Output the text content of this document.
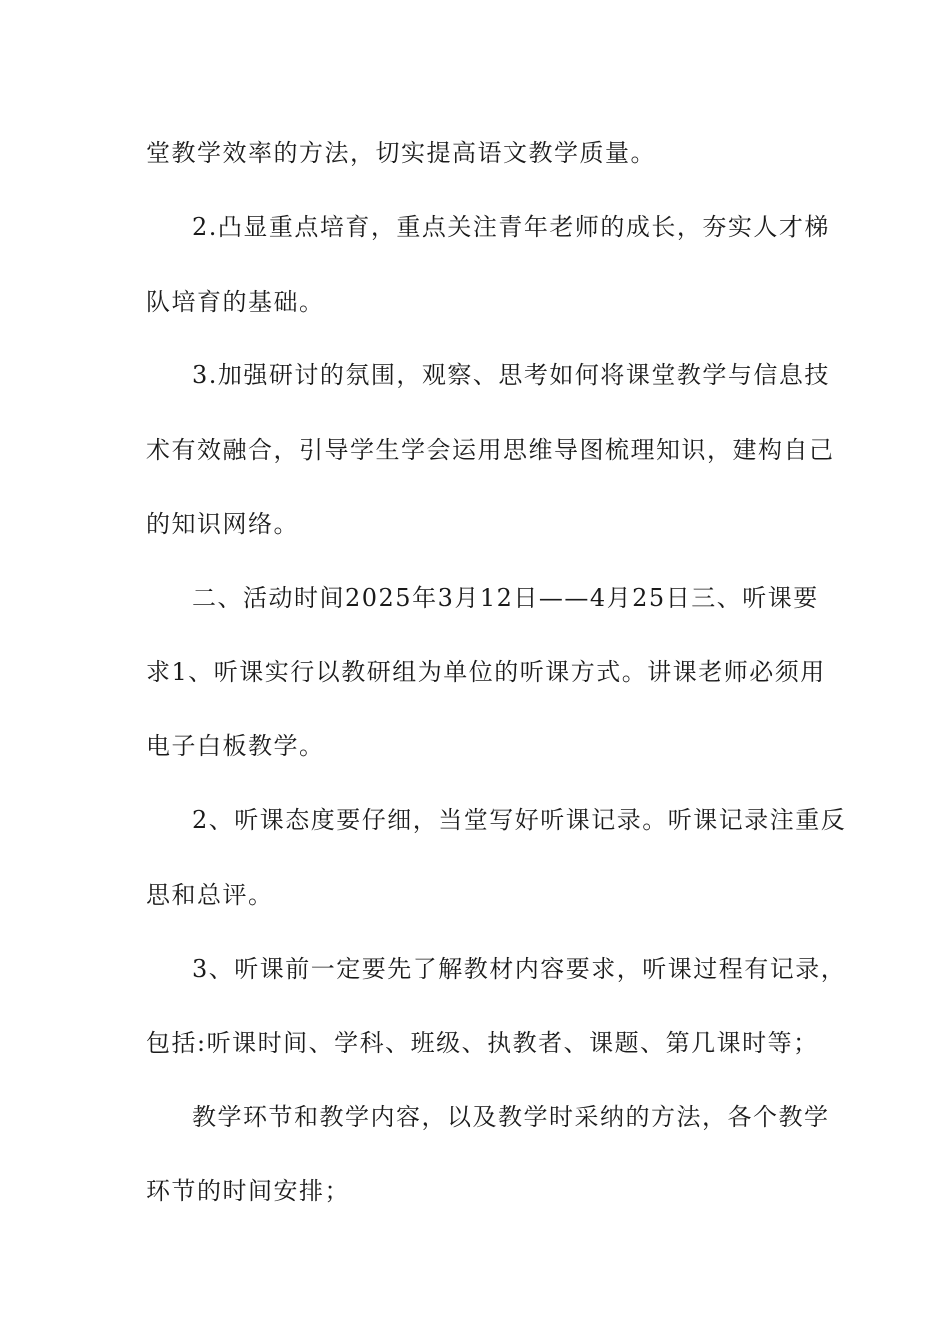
堂教学效率的方法，切实提高语文教学质量。
2.凸显重点培育，重点关注青年老师的成长，夯实人才梯
队培育的基础。
3.加强研讨的氛围，观察、思考如何将课堂教学与信息技
术有效融合，引导学生学会运用思维导图梳理知识，建构自己
的知识网络。
二、活动时间2025年3月12日——4月25日三、听课要
求1、听课实行以教研组为单位的听课方式。讲课老师必须用
电子白板教学。
2、听课态度要仔细，当堂写好听课记录。听课记录注重反
思和总评。
3、听课前一定要先了解教材内容要求，听课过程有记录，
包括:听课时间、学科、班级、执教者、课题、第几课时等；
教学环节和教学内容，以及教学时采纳的方法，各个教学
环节的时间安排；
